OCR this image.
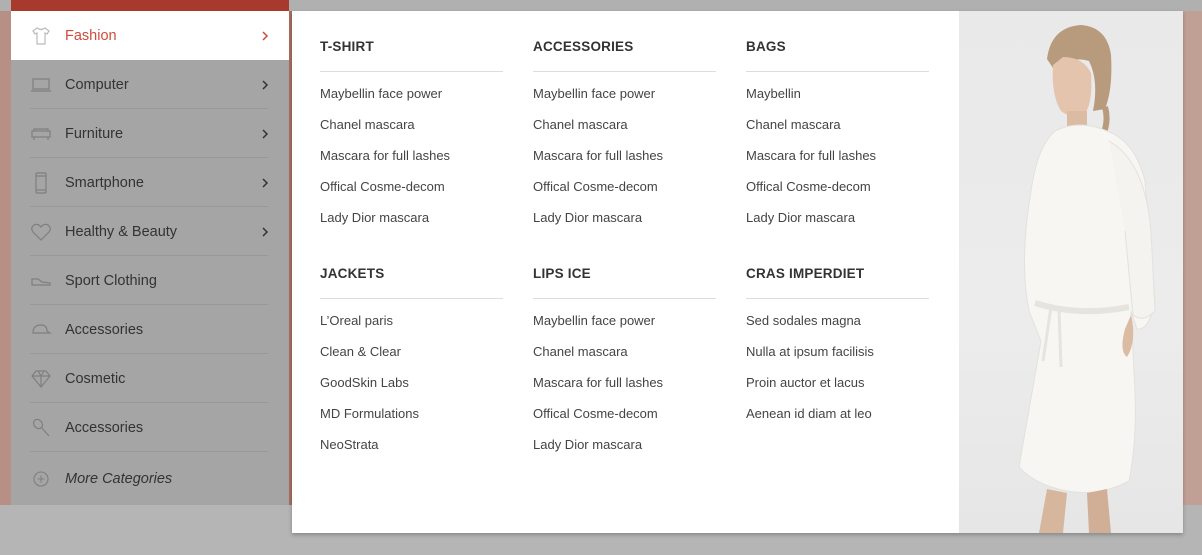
Fashion
Computer
Furniture
Smartphone
Healthy & Beauty
Sport Clothing
Accessories
Cosmetic
Accessories
More Categories
T-SHIRT
Maybellin face power
Chanel mascara
Mascara for full lashes
Offical Cosme-decom
Lady Dior mascara
ACCESSORIES
Maybellin face power
Chanel mascara
Mascara for full lashes
Offical Cosme-decom
Lady Dior mascara
BAGS
Maybellin
Chanel mascara
Mascara for full lashes
Offical Cosme-decom
Lady Dior mascara
JACKETS
L’Oreal paris
Clean & Clear
GoodSkin Labs
MD Formulations
NeoStrata
LIPS ICE
Maybellin face power
Chanel mascara
Mascara for full lashes
Offical Cosme-decom
Lady Dior mascara
CRAS IMPERDIET
Sed sodales magna
Nulla at ipsum facilisis
Proin auctor et lacus
Aenean id diam at leo
